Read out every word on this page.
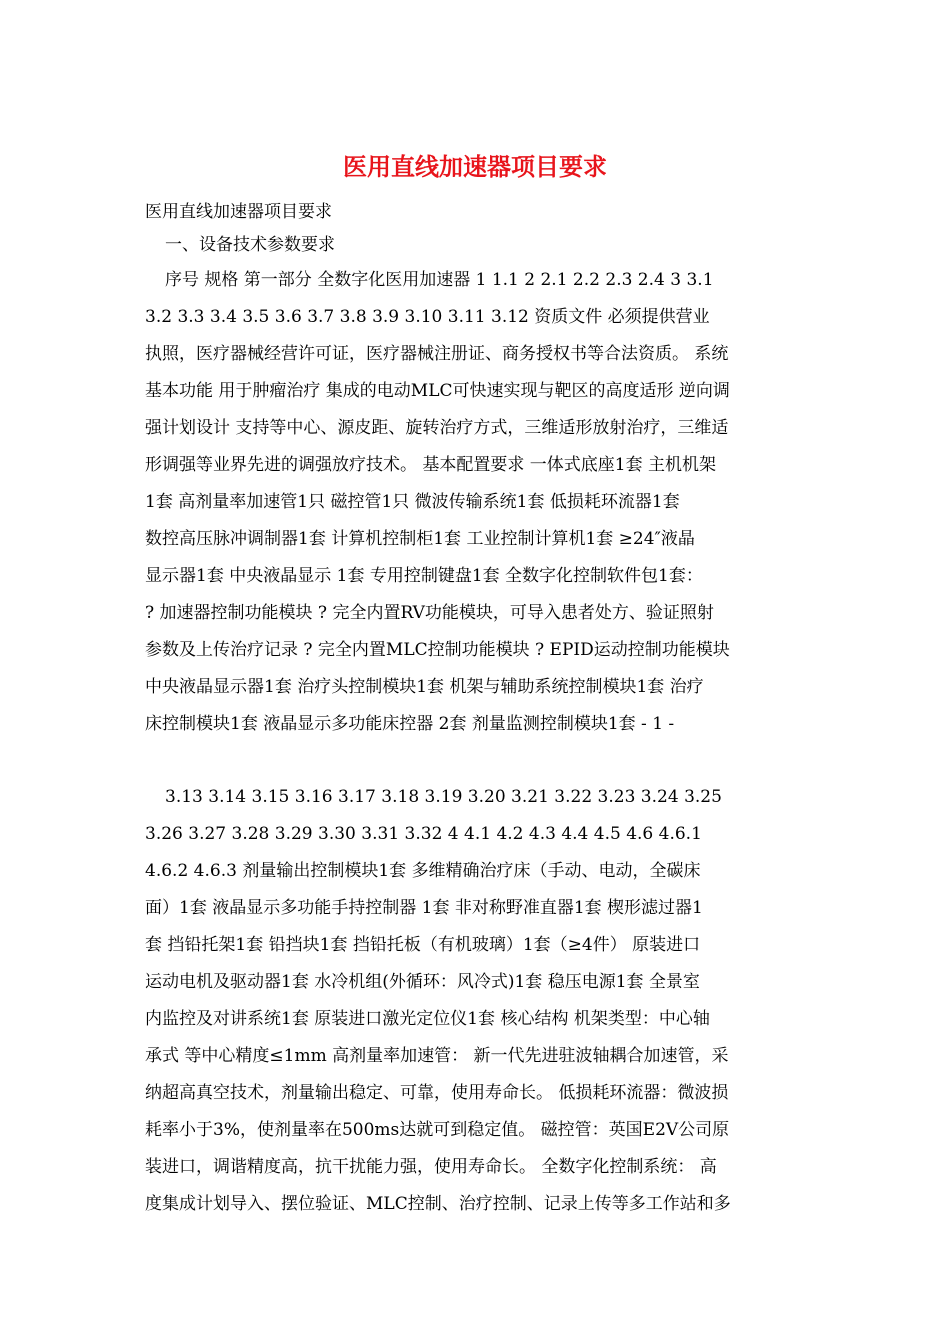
医用直线加速器项目要求

医用直线加速器项目要求

一、设备技术参数要求

序号 规格 第一部分 全数字化医用加速器 1 1.1 2 2.1 2.2 2.3 2.4 3 3.1

3.2 3.3 3.4 3.5 3.6 3.7 3.8 3.9 3.10 3.11 3.12 资质文件 必须提供营业

执照，医疗器械经营许可证，医疗器械注册证、商务授权书等合法资质。 系统

基本功能 用于肿瘤治疗 集成的电动MLC可快速实现与靶区的高度适形 逆向调

强计划设计 支持等中心、源皮距、旋转治疗方式，三维适形放射治疗，三维适

形调强等业界先进的调强放疗技术。 基本配置要求 一体式底座1套 主机机架

1套 高剂量率加速管1只 磁控管1只 微波传输系统1套 低损耗环流器1套

数控高压脉冲调制器1套 计算机控制柜1套 工业控制计算机1套 ≥24″液晶

显示器1套 中央液晶显示 1套 专用控制键盘1套 全数字化控制软件包1套：

? 加速器控制功能模块 ? 完全内置RV功能模块，可导入患者处方、验证照射

参数及上传治疗记录 ? 完全内置MLC控制功能模块 ? EPID运动控制功能模块

中央液晶显示器1套 治疗头控制模块1套 机架与辅助系统控制模块1套 治疗

床控制模块1套 液晶显示多功能床控器 2套 剂量监测控制模块1套 - 1 -

3.13 3.14 3.15 3.16 3.17 3.18 3.19 3.20 3.21 3.22 3.23 3.24 3.25

3.26 3.27 3.28 3.29 3.30 3.31 3.32 4 4.1 4.2 4.3 4.4 4.5 4.6 4.6.1

4.6.2 4.6.3 剂量输出控制模块1套 多维精确治疗床（手动、电动，全碳床

面）1套 液晶显示多功能手持控制器 1套 非对称野准直器1套 楔形滤过器1

套 挡铅托架1套 铅挡块1套 挡铅托板（有机玻璃）1套（≥4件） 原装进口

运动电机及驱动器1套 水冷机组(外循环：风冷式)1套 稳压电源1套 全景室

内监控及对讲系统1套 原装进口激光定位仪1套 核心结构 机架类型：中心轴

承式 等中心精度≤1mm 高剂量率加速管： 新一代先进驻波轴耦合加速管，采

纳超高真空技术，剂量输出稳定、可靠，使用寿命长。 低损耗环流器：微波损

耗率小于3%，使剂量率在500ms达就可到稳定值。 磁控管：英国E2V公司原

装进口，调谐精度高，抗干扰能力强，使用寿命长。 全数字化控制系统： 高

度集成计划导入、摆位验证、MLC控制、治疗控制、记录上传等多工作站和多
